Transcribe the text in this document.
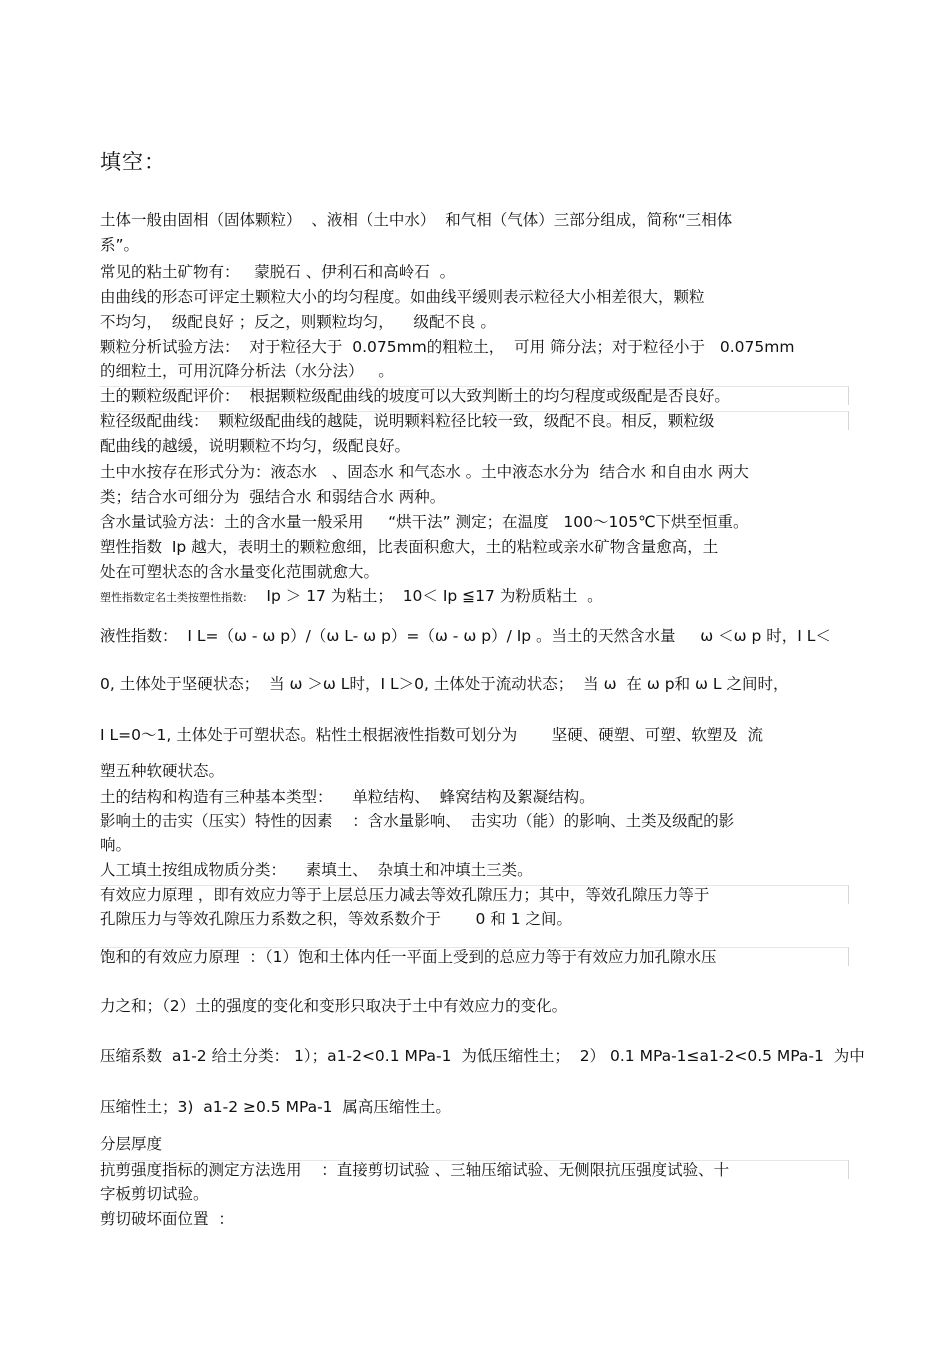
填空：
土体一般由固相（固体颗粒）  、液相（土中水）  和气相（气体）三部分组成，简称“三相体
系”。
常见的粘土矿物有：   蒙脱石 、伊利石和高岭石  。
由曲线的形态可评定土颗粒大小的均匀程度。如曲线平缓则表示粒径大小相差很大，颗粒
不均匀，  级配良好 ；反之，则颗粒均匀，    级配不良 。
颗粒分析试验方法：  对于粒径大于  0.075mm的粗粒土，  可用 筛分法；对于粒径小于   0.075mm
的细粒土，可用沉降分析法（水分法）   。
土的颗粒级配评价：  根据颗粒级配曲线的坡度可以大致判断土的均匀程度或级配是否良好。
粒径级配曲线：  颗粒级配曲线的越陡，说明颗料粒径比较一致，级配不良。相反，颗粒级
配曲线的越缓，说明颗粒不均匀，级配良好。
土中水按存在形式分为：液态水   、固态水 和气态水 。土中液态水分为  结合水 和自由水 两大
类；结合水可细分为  强结合水 和弱结合水 两种。
含水量试验方法：土的含水量一般采用     “烘干法” 测定；在温度   100～105℃下烘至恒重。
塑性指数  Ip 越大，表明土的颗粒愈细，比表面积愈大，土的粘粒或亲水矿物含量愈高，土
处在可塑状态的含水量变化范围就愈大。
塑性指数定名土类按塑性指数:    Ip ＞ 17 为粘土；  10＜ Ip ≦17 为粉质粘土  。
液性指数：  I L=（ω - ω p）/（ω L- ω p）=（ω - ω p）/ Ip 。当土的天然含水量     ω ＜ω p 时，I L＜
0, 土体处于坚硬状态；  当 ω ＞ω L时，I L＞0, 土体处于流动状态；  当 ω  在 ω p和 ω L 之间时，
I L=0～1, 土体处于可塑状态。粘性土根据液性指数可划分为       坚硬、硬塑、可塑、软塑及  流
塑五种软硬状态。
土的结构和构造有三种基本类型：    单粒结构、  蜂窝结构及絮凝结构。
影响土的击实（压实）特性的因素    ：含水量影响、  击实功（能）的影响、土类及级配的影
响。
人工填土按组成物质分类：    素填土、  杂填土和冲填土三类。
有效应力原理 ，即有效应力等于上层总压力减去等效孔隙压力；其中，等效孔隙压力等于
孔隙压力与等效孔隙压力系数之积，等效系数介于       0 和 1 之间。
饱和的有效应力原理  ：（1）饱和土体内任一平面上受到的总应力等于有效应力加孔隙水压
力之和；（2）土的强度的变化和变形只取决于土中有效应力的变化。
压缩系数  a1-2 给土分类： 1）；a1-2<0.1 MPa-1  为低压缩性土；  2） 0.1 MPa-1≤a1-2<0.5 MPa-1  为中
压缩性土；3)  a1-2 ≥0.5 MPa-1  属高压缩性土。
分层厚度
抗剪强度指标的测定方法选用    ：直接剪切试验 、三轴压缩试验、无侧限抗压强度试验、十
字板剪切试验。
剪切破坏面位置  ：
